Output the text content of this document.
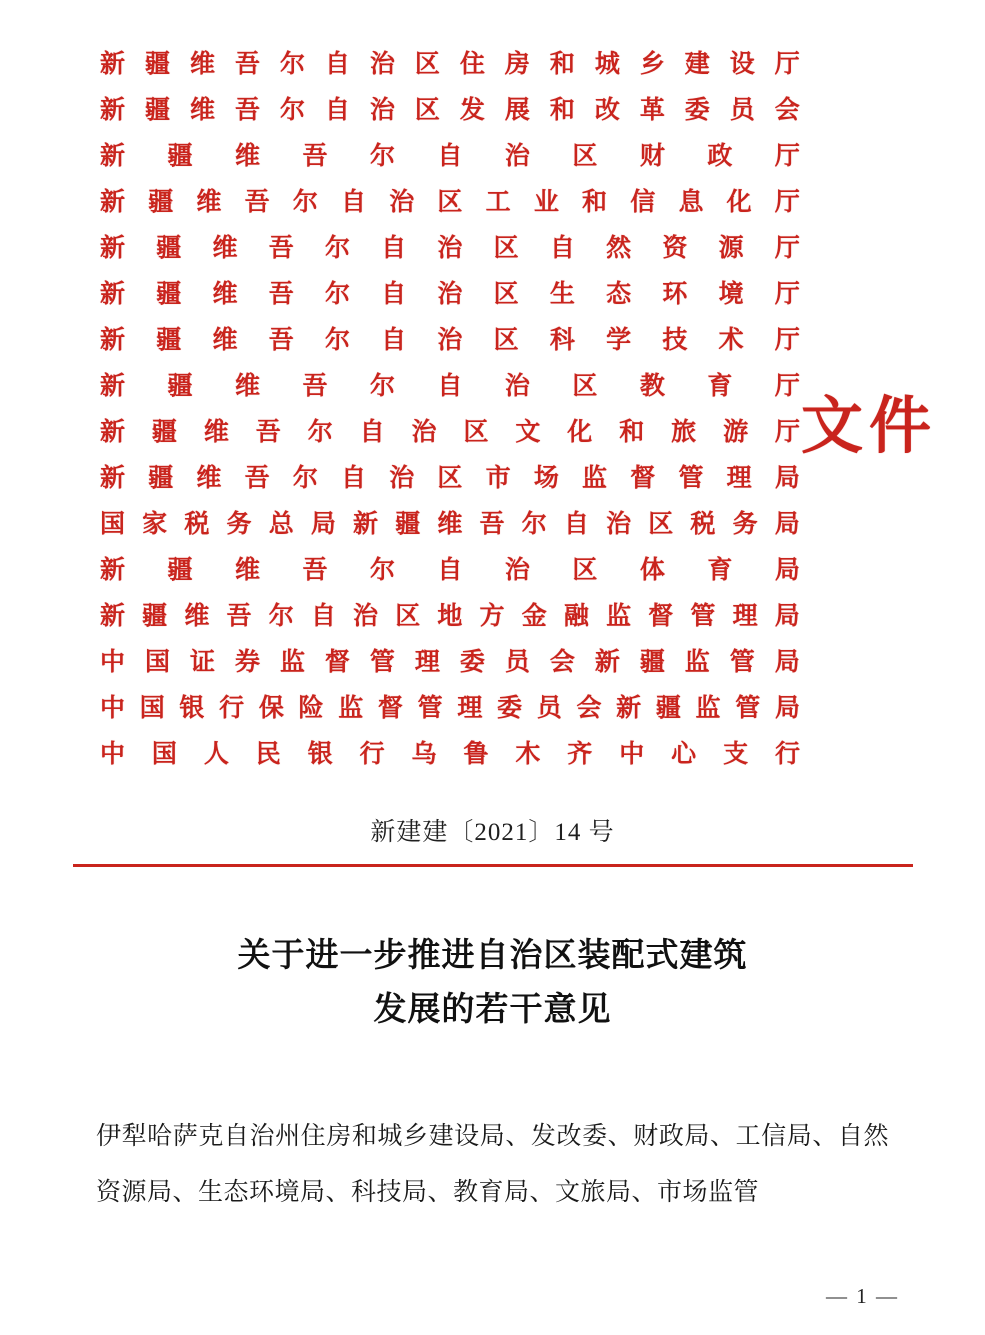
新 疆 维 吾 尔 自 治 区 住 房 和 城 乡 建 设 厅
新 疆 维 吾 尔 自 治 区 发 展 和 改 革 委 员 会
新 疆 维 吾 尔 自 治 区 财 政 厅
新 疆 维 吾 尔 自 治 区 工 业 和 信 息 化 厅
新 疆 维 吾 尔 自 治 区 自 然 资 源 厅
新 疆 维 吾 尔 自 治 区 生 态 环 境 厅
新 疆 维 吾 尔 自 治 区 科 学 技 术 厅
新 疆 维 吾 尔 自 治 区 教 育 厅
新 疆 维 吾 尔 自 治 区 文 化 和 旅 游 厅
新 疆 维 吾 尔 自 治 区 市 场 监 督 管 理 局
国 家 税 务 总 局 新 疆 维 吾 尔 自 治 区 税 务 局
新 疆 维 吾 尔 自 治 区 体 育 局
新 疆 维 吾 尔 自 治 区 地 方 金 融 监 督 管 理 局
中 国 证 券 监 督 管 理 委 员 会 新 疆 监 管 局
中 国 银 行 保 险 监 督 管 理 委 员 会 新 疆 监 管 局
中 国 人 民 银 行 乌 鲁 木 齐 中 心 支 行
文件
新建建〔2021〕14 号
关于进一步推进自治区装配式建筑
发展的若干意见

伊犁哈萨克自治州住房和城乡建设局、发改委、财政局、工信局、自然资源局、生态环境局、科技局、教育局、文旅局、市场监管

— 1 —
